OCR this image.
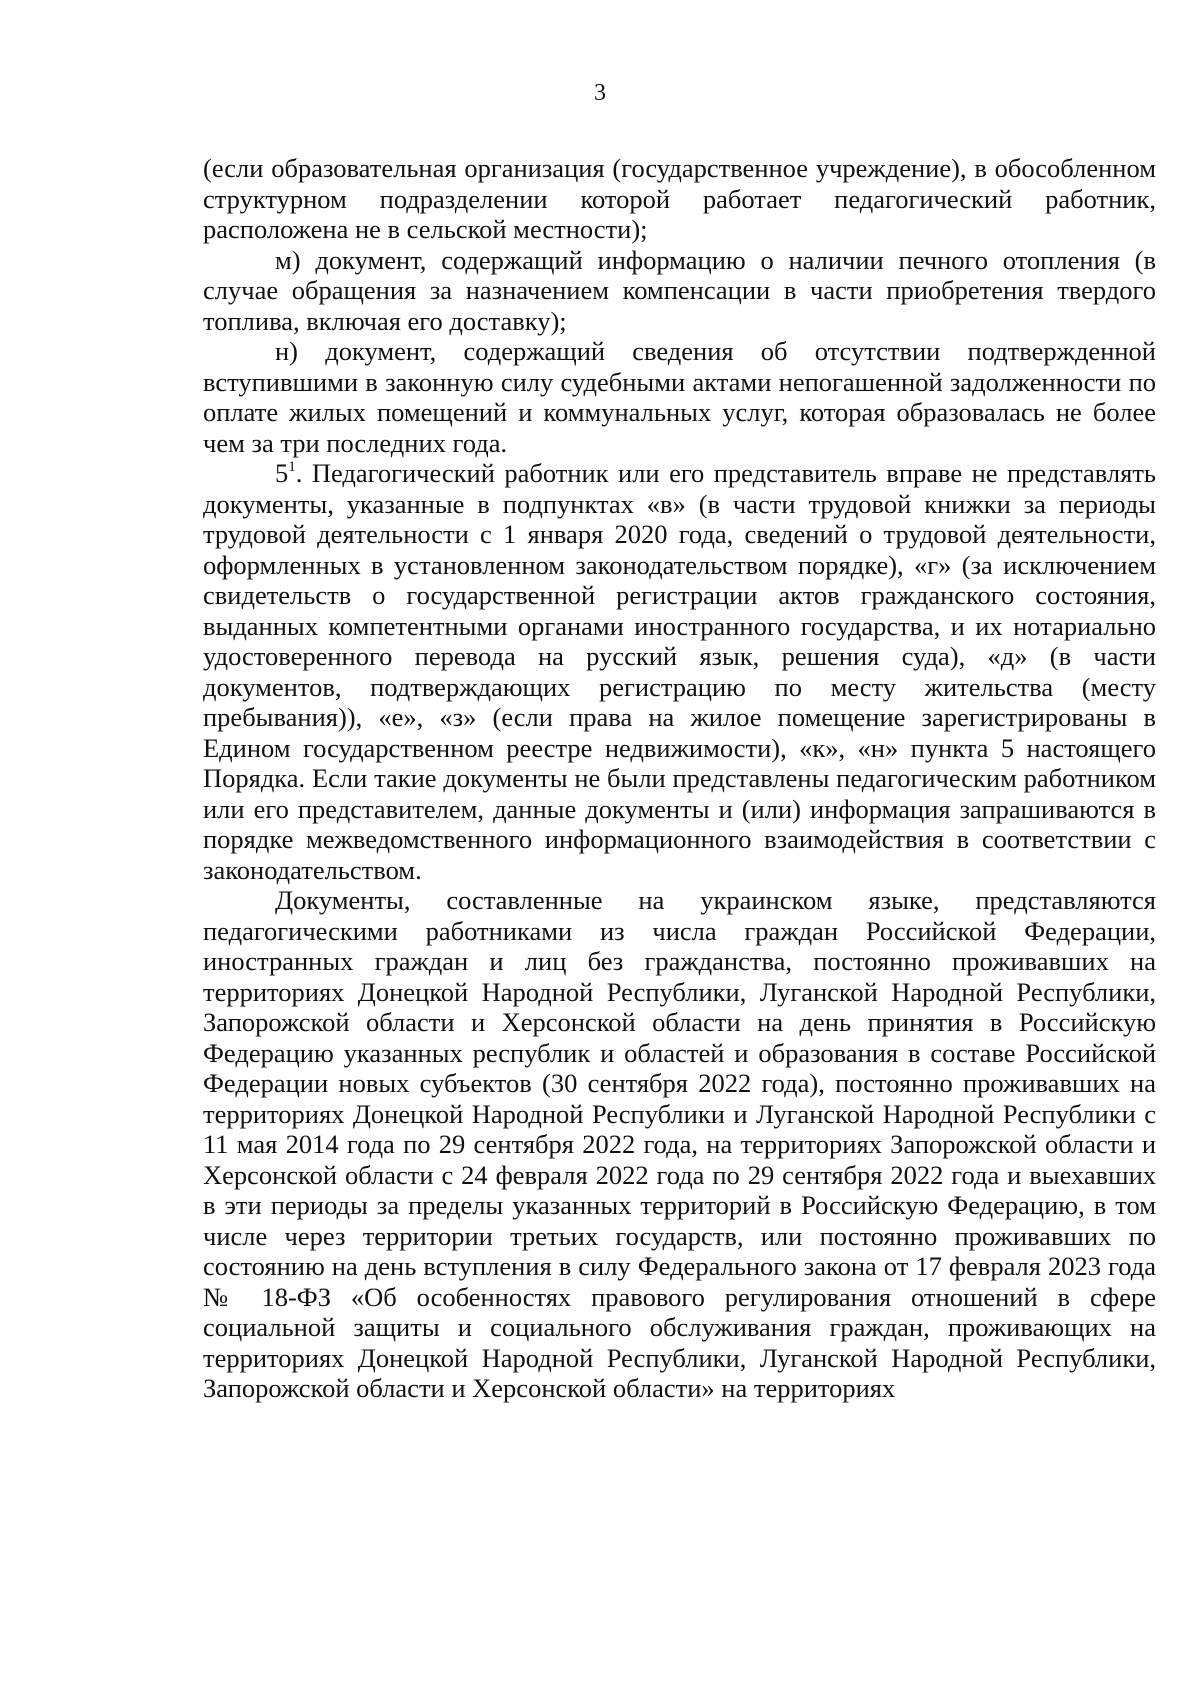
3

(если образовательная организация (государственное учреждение), в обособленном структурном подразделении которой работает педагогический работник, расположена не в сельской местности);

м) документ, содержащий информацию о наличии печного отопления (в случае обращения за назначением компенсации в части приобретения твердого топлива, включая его доставку);

н) документ, содержащий сведения об отсутствии подтвержденной вступившими в законную силу судебными актами непогашенной задолженности по оплате жилых помещений и коммунальных услуг, которая образовалась не более чем за три последних года.

$5^1$. Педагогический работник или его представитель вправе не представлять документы, указанные в подпунктах «в» (в части трудовой книжки за периоды трудовой деятельности с 1 января 2020 года, сведений о трудовой деятельности, оформленных в установленном законодательством порядке), «г» (за исключением свидетельств о государственной регистрации актов гражданского состояния, выданных компетентными органами иностранного государства, и их нотариально удостоверенного перевода на русский язык, решения суда), «д» (в части документов, подтверждающих регистрацию по месту жительства (месту пребывания)), «е», «з» (если права на жилое помещение зарегистрированы в Едином государственном реестре недвижимости), «к», «н» пункта 5 настоящего Порядка. Если такие документы не были представлены педагогическим работником или его представителем, данные документы и (или) информация запрашиваются в порядке межведомственного информационного взаимодействия в соответствии с законодательством.

Документы, составленные на украинском языке, представляются педагогическими работниками из числа граждан Российской Федерации, иностранных граждан и лиц без гражданства, постоянно проживавших на территориях Донецкой Народной Республики, Луганской Народной Республики, Запорожской области и Херсонской области на день принятия в Российскую Федерацию указанных республик и областей и образования в составе Российской Федерации новых субъектов (30 сентября 2022 года), постоянно проживавших на территориях Донецкой Народной Республики и Луганской Народной Республики с 11 мая 2014 года по 29 сентября 2022 года, на территориях Запорожской области и Херсонской области с 24 февраля 2022 года по 29 сентября 2022 года и выехавших в эти периоды за пределы указанных территорий в Российскую Федерацию, в том числе через территории третьих государств, или постоянно проживавших по состоянию на день вступления в силу Федерального закона от 17 февраля 2023 года № 18-ФЗ «Об особенностях правового регулирования отношений в сфере социальной защиты и социального обслуживания граждан, проживающих на территориях Донецкой Народной Республики, Луганской Народной Республики, Запорожской области и Херсонской области» на территориях
